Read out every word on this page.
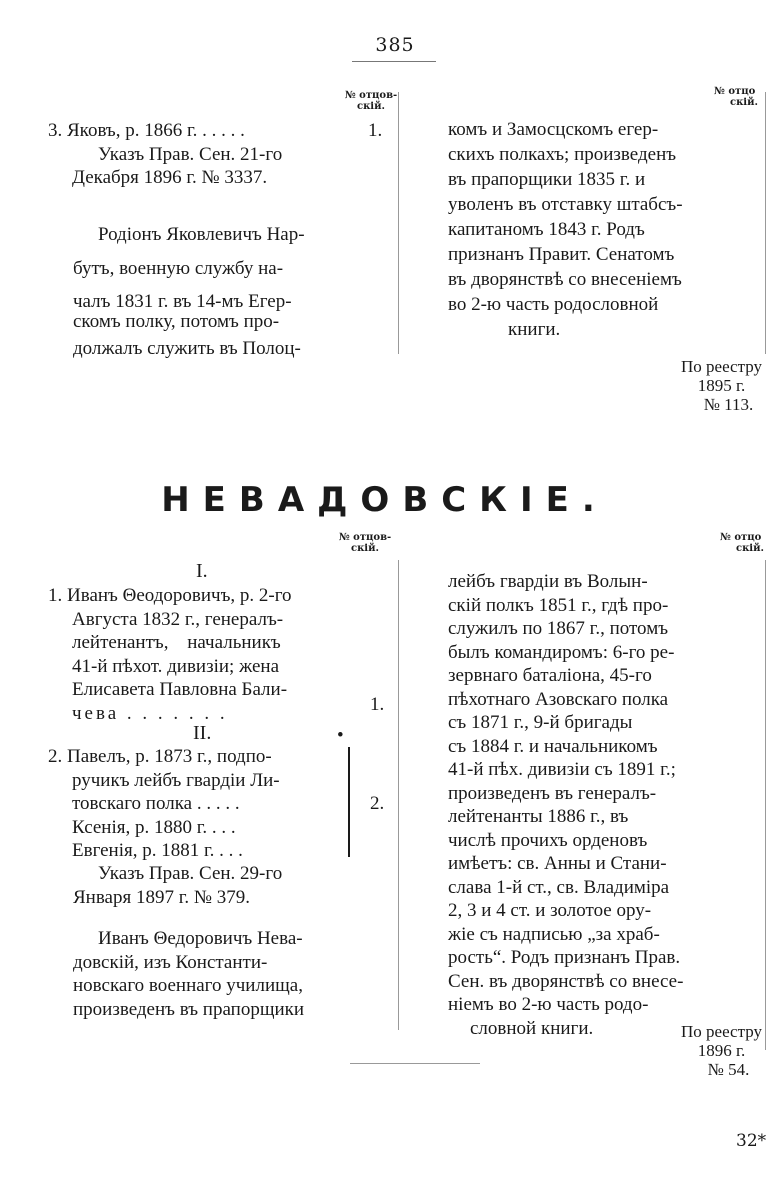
385
№ отцов-
скій.
№ отцо
скій.
3. Яковъ, р. 1866 г. . . . . .	1.
Указъ Прав. Сен. 21-го
Декабря 1896 г. № 3337.
Родіонъ Яковлевичъ Нар-
бутъ, военную службу на-
чалъ 1831 г. въ 14-мъ Егер-
скомъ полку, потомъ про-
должалъ служить въ Полоц-
комъ и Замосцскомъ егер-
скихъ полкахъ; произведенъ
въ прапорщики 1835 г. и
уволенъ въ отставку штабсъ-
капитаномъ 1843 г. Родъ
признанъ Правит. Сенатомъ
въ дворянствѣ со внесеніемъ
во 2-ю часть родословной
книги.
По реестру
1895 г.
№ 113.
НЕВАДОВСКІЕ.
№ отцов-
скій.
№ отцо
скій.
I.
1. Иванъ Θеодоровичъ, р. 2-го
Августа 1832 г., генералъ-
лейтенантъ, начальникъ
41-й пѣхот. дивизіи; жена
Елисавета Павловна Бали-
чева . . . . . . .	1.
II.	•
2. Павелъ, р. 1873 г., подпо-
ручикъ лейбъ гвардіи Ли-
товскаго полка . . . . .
Ксенія, р. 1880 г. . . .
Евгенія, р. 1881 г. . . .
2.
Указъ Прав. Сен. 29-го
Января 1897 г. № 379.
Иванъ Θедоровичъ Нева-
довскій, изъ Константи-
новскаго военнаго училища,
произведенъ въ прапорщики
лейбъ гвардіи въ Волын-
скій полкъ 1851 г., гдѣ про-
служилъ по 1867 г., потомъ
былъ командиромъ: 6-го ре-
зервнаго баталіона, 45-го
пѣхотнаго Азовскаго полка
съ 1871 г., 9-й бригады
съ 1884 г. и начальникомъ
41-й пѣх. дивизіи съ 1891 г.;
произведенъ въ генералъ-
лейтенанты 1886 г., въ
числѣ прочихъ орденовъ
имѣетъ: св. Анны и Стани-
слава 1-й ст., св. Владиміра
2, 3 и 4 ст. и золотое ору-
жіе съ надписью „за храб-
рость“. Родъ признанъ Прав.
Сен. въ дворянствѣ со внесе-
ніемъ во 2-ю часть родо-
словной книги.	По реестру
1896 г.
№ 54.
32*
